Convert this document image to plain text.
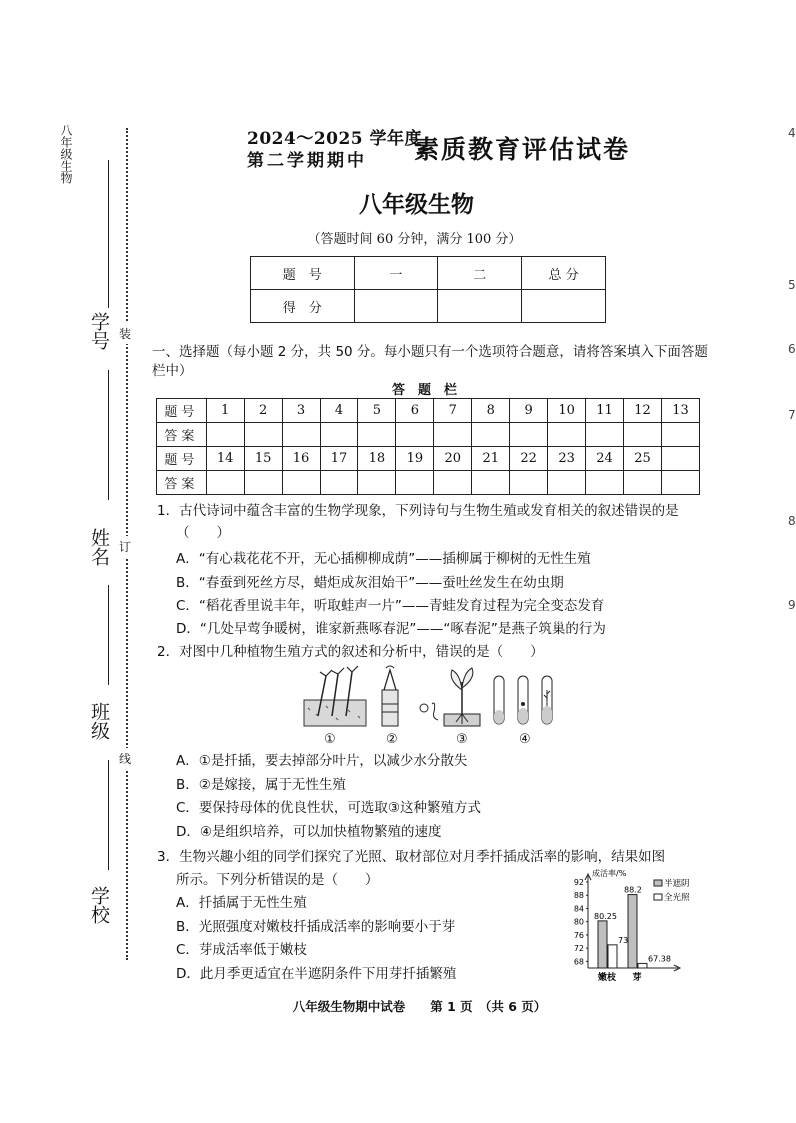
八年级生物
学号
姓名
班级
学校
装
订
线
4
5
6
7
8
9
2024～2025 学年度
第二学期期中 素质教育评估试卷
八年级生物
（答题时间 60 分钟，满分 100 分）
题　号	一	二	总 分
得　分			
一、选择题（每小题 2 分，共 50 分。每小题只有一个选项符合题意，请将答案填入下面答题栏中）
答　题　栏
题号	1	2	3	4	5	6	7	8	9	10	11	12	13
答案													
题号	14	15	16	17	18	19	20	21	22	23	24	25	
答案													
1．古代诗词中蕴含丰富的生物学现象，下列诗句与生物生殖或发育相关的叙述错误的是
（　　）
A．“有心栽花花不开，无心插柳柳成荫”——插柳属于柳树的无性生殖
B．“春蚕到死丝方尽，蜡炬成灰泪始干”——蚕吐丝发生在幼虫期
C．“稻花香里说丰年，听取蛙声一片”——青蛙发育过程为完全变态发育
D．“几处早莺争暖树，谁家新燕啄春泥”——“啄春泥”是燕子筑巢的行为
2．对图中几种植物生殖方式的叙述和分析中，错误的是（　　）
①	②	③	④
A．①是扦插，要去掉部分叶片，以减少水分散失
B．②是嫁接，属于无性生殖
C．要保持母体的优良性状，可选取③这种繁殖方式
D．④是组织培养，可以加快植物繁殖的速度
3．生物兴趣小组的同学们探究了光照、取材部位对月季扦插成活率的影响，结果如图
所示。下列分析错误的是（　　）
A．扦插属于无性生殖
B．光照强度对嫩枝扦插成活率的影响要小于芽
C．芽成活率低于嫩枝
D．此月季更适宜在半遮阴条件下用芽扦插繁殖
成活率/%
92
88
84
80
76
72
68
80.25
73
嫩枝
88.2
67.38
芽
半遮阴
全光照
八年级生物期中试卷　　第 1 页　（共 6 页）
